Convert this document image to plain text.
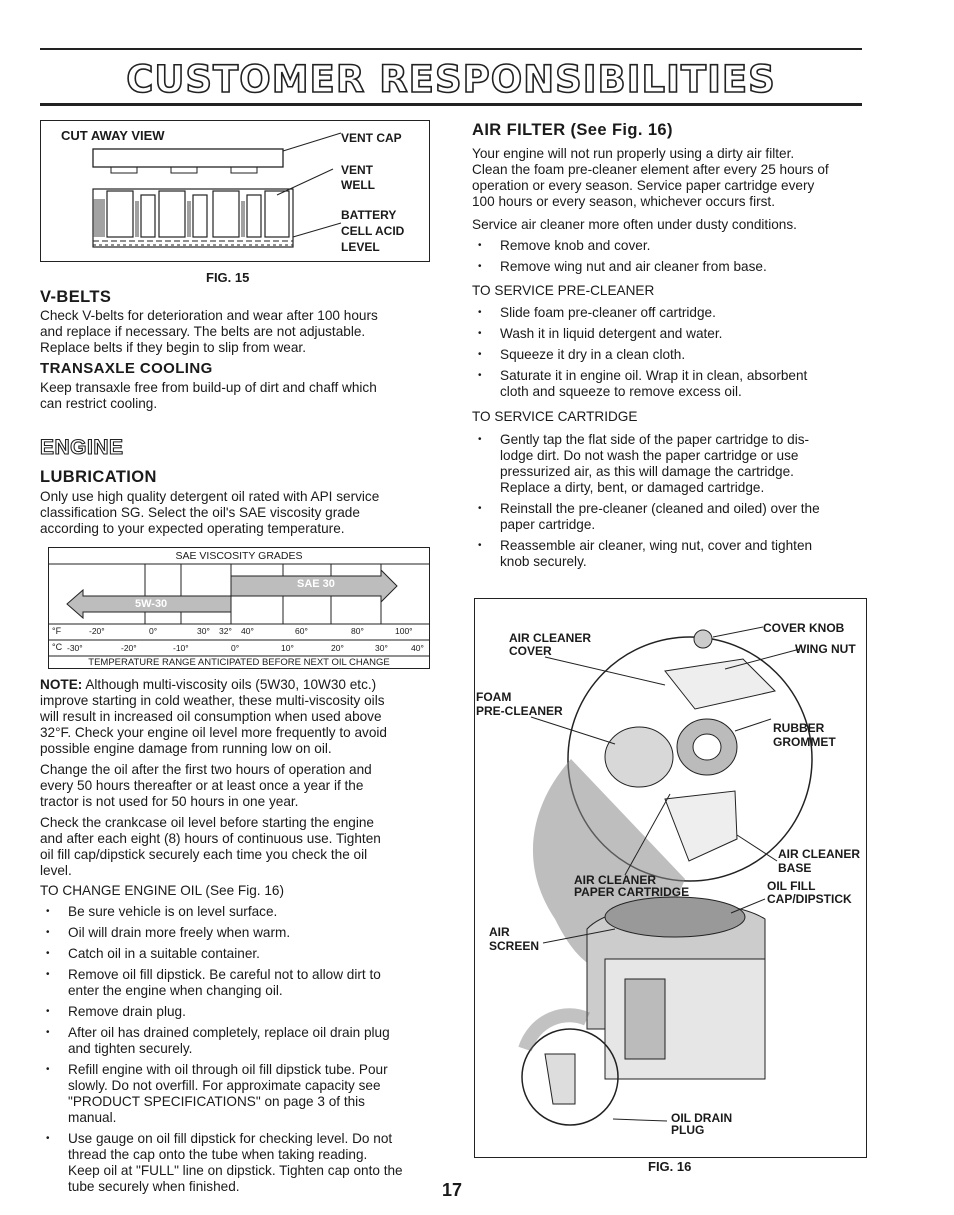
CUSTOMER RESPONSIBILITIES
CUT AWAY VIEW	VENT CAP
VENT
WELL
BATTERY
CELL ACID
LEVEL
FIG. 15
V-BELTS
Check V-belts for deterioration and wear after 100 hours
and replace if necessary. The belts are not adjustable.
Replace belts if they begin to slip from wear.
TRANSAXLE COOLING
Keep transaxle free from build-up of dirt and chaff which
can restrict cooling.
ENGINE
LUBRICATION
Only use high quality detergent oil rated with API service
classification SG. Select the oil's SAE viscosity grade
according to your expected operating temperature.
SAE VISCOSITY GRADES
SAE 30
5W-30
°F	-20°	0°	30° 32° 40°	60°	80°	100°
°C -30°	-20°	-10°	0°	10°	20°	30°	40°
TEMPERATURE RANGE ANTICIPATED BEFORE NEXT OIL CHANGE
NOTE: Although multi-viscosity oils (5W30, 10W30 etc.)
improve starting in cold weather, these multi-viscosity oils
will result in increased oil consumption when used above
32°F. Check your engine oil level more frequently to avoid
possible engine damage from running low on oil.
Change the oil after the first two hours of operation and
every 50 hours thereafter or at least once a year if the
tractor is not used for 50 hours in one year.
Check the crankcase oil level before starting the engine
and after each eight (8) hours of continuous use. Tighten
oil fill cap/dipstick securely each time you check the oil
level.
TO CHANGE ENGINE OIL (See Fig. 16)
• Be sure vehicle is on level surface.
• Oil will drain more freely when warm.
• Catch oil in a suitable container.
• Remove oil fill dipstick. Be careful not to allow dirt to
enter the engine when changing oil.
• Remove drain plug.
• After oil has drained completely, replace oil drain plug
and tighten securely.
• Refill engine with oil through oil fill dipstick tube. Pour
slowly. Do not overfill. For approximate capacity see
"PRODUCT SPECIFICATIONS" on page 3 of this
manual.
• Use gauge on oil fill dipstick for checking level. Do not
thread the cap onto the tube when taking reading.
Keep oil at "FULL" line on dipstick. Tighten cap onto the
tube securely when finished.
AIR FILTER (See Fig. 16)
Your engine will not run properly using a dirty air filter.
Clean the foam pre-cleaner element after every 25 hours of
operation or every season. Service paper cartridge every
100 hours or every season, whichever occurs first.
Service air cleaner more often under dusty conditions.
• Remove knob and cover.
• Remove wing nut and air cleaner from base.
TO SERVICE PRE-CLEANER
• Slide foam pre-cleaner off cartridge.
• Wash it in liquid detergent and water.
• Squeeze it dry in a clean cloth.
• Saturate it in engine oil. Wrap it in clean, absorbent
cloth and squeeze to remove excess oil.
TO SERVICE CARTRIDGE
• Gently tap the flat side of the paper cartridge to dis-
lodge dirt. Do not wash the paper cartridge or use
pressurized air, as this will damage the cartridge.
Replace a dirty, bent, or damaged cartridge.
• Reinstall the pre-cleaner (cleaned and oiled) over the
paper cartridge.
• Reassemble air cleaner, wing nut, cover and tighten
knob securely.
AIR CLEANER
COVER
COVER KNOB
WING NUT
FOAM
PRE-CLEANER
RUBBER
GROMMET
AIR CLEANER
BASE
AIR CLEANER
PAPER CARTRIDGE	OIL FILL
CAP/DIPSTICK
AIR
SCREEN
OIL DRAIN
PLUG
FIG. 16
17
